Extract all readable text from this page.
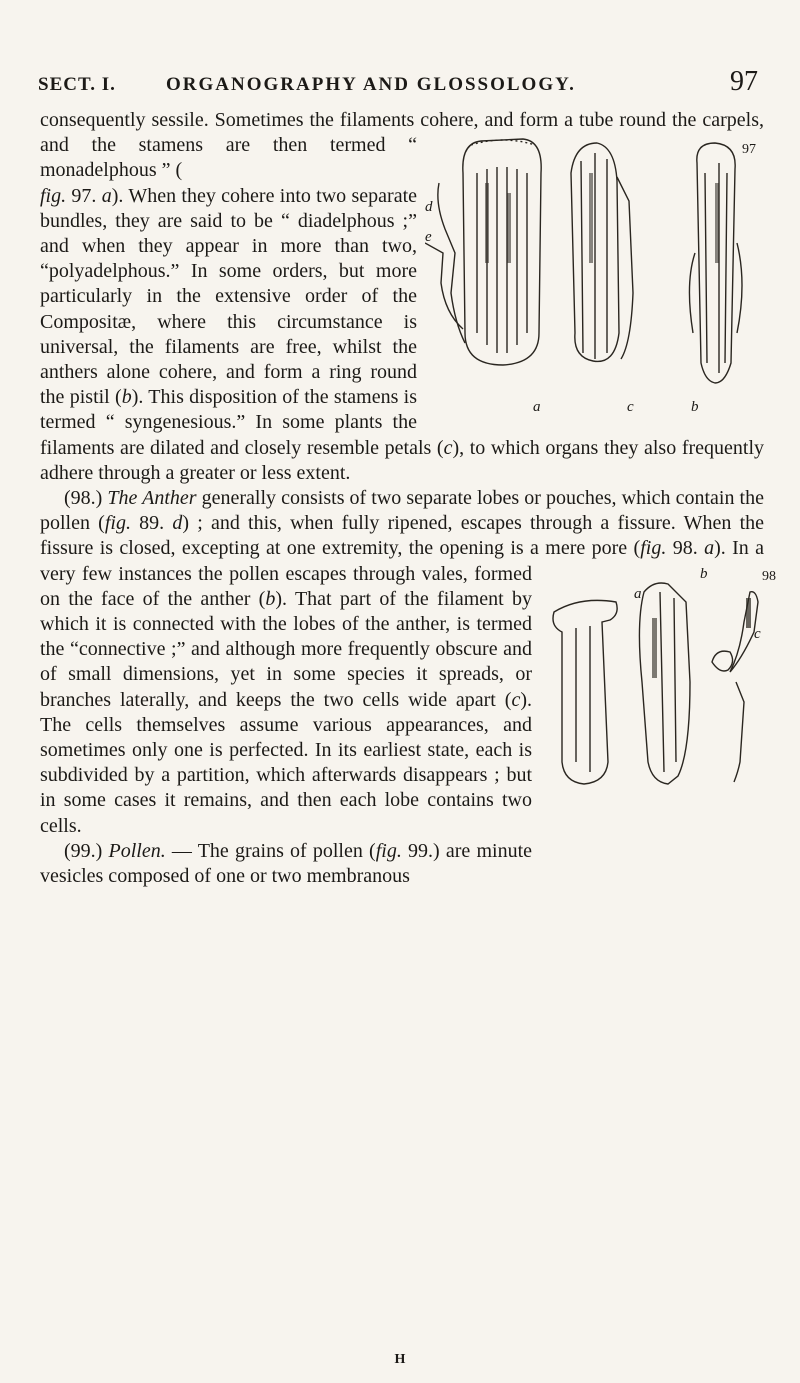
SECT. I.	ORGANOGRAPHY AND GLOSSOLOGY.	97

consequently sessile. Sometimes the filaments cohere, and form a tube round the carpels, and the stamens are then	97
d
e
a	c	b
termed “ monadelphous ” (

fig. 97. a). When they cohere into two separate bundles, they are said to be “ diadelphous ;” and when they appear in more than two, “polyadelphous.” In some orders, but more particularly in the extensive order of the Compositæ, where this circumstance is universal, the filaments are free, whilst the anthers alone cohere, and form a ring round the pistil (b). This disposition of the stamens is termed “ syngenesious.” In some plants the filaments are dilated and closely resemble petals (c), to which organs they also frequently adhere through a greater or less extent.

(98.) The Anther generally consists of two separate lobes or pouches, which contain the pollen (fig. 89. d) ; and this, when fully ripened, escapes through a fissure. When the fissure is closed, excepting at one extremity, the opening is a mere pore (fig. 98. a). In a very few	98
b
a
c
instances the pollen escapes through vales, formed on the face of the anther (b). That part of the filament by which it is connected with the lobes of the anther, is termed the “connective ;” and although more frequently obscure and of small dimensions, yet in some species it spreads, or branches laterally, and keeps the two cells wide apart (c). The cells themselves assume various appearances, and sometimes only one is perfected. In its earliest state, each is subdivided by a partition, which afterwards disappears ; but in some cases it remains, and then each lobe contains two cells.

(99.) Pollen. — The grains of pollen (fig. 99.) are minute vesicles composed of one or two membranous

H
